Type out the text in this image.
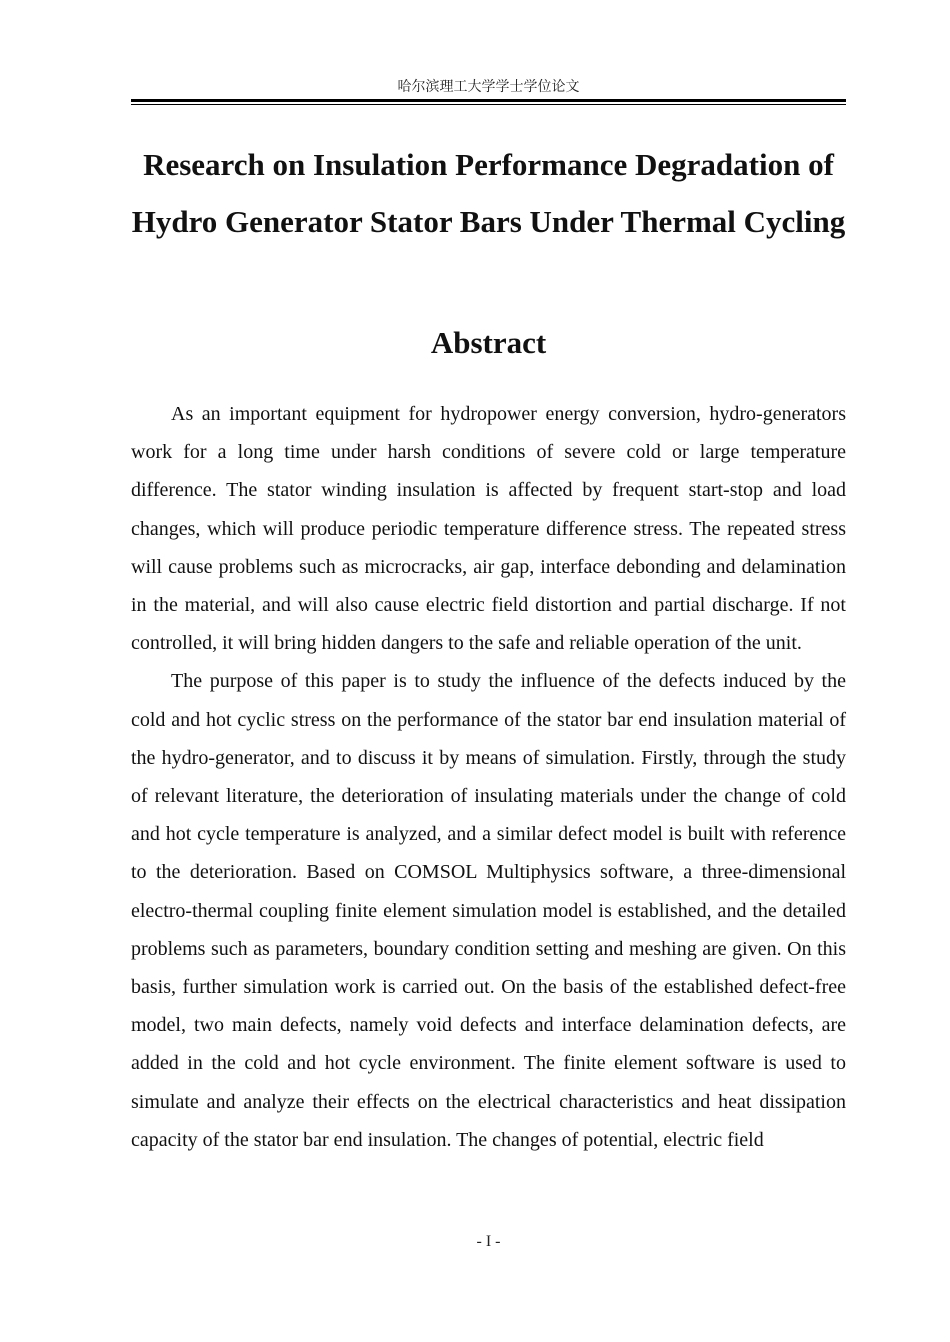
哈尔滨理工大学学士学位论文
Research on Insulation Performance Degradation of Hydro Generator Stator Bars Under Thermal Cycling
Abstract

As an important equipment for hydropower energy conversion, hydro-generators work for a long time under harsh conditions of severe cold or large temperature difference. The stator winding insulation is affected by frequent start-stop and load changes, which will produce periodic temperature difference stress. The repeated stress will cause problems such as microcracks, air gap, interface debonding and delamination in the material, and will also cause electric field distortion and partial discharge. If not controlled, it will bring hidden dangers to the safe and reliable operation of the unit.

The purpose of this paper is to study the influence of the defects induced by the cold and hot cyclic stress on the performance of the stator bar end insulation material of the hydro-generator, and to discuss it by means of simulation. Firstly, through the study of relevant literature, the deterioration of insulating materials under the change of cold and hot cycle temperature is analyzed, and a similar defect model is built with reference to the deterioration. Based on COMSOL Multiphysics software, a three-dimensional electro-thermal coupling finite element simulation model is established, and the detailed problems such as parameters, boundary condition setting and meshing are given. On this basis, further simulation work is carried out. On the basis of the established defect-free model, two main defects, namely void defects and interface delamination defects, are added in the cold and hot cycle environment. The finite element software is used to simulate and analyze their effects on the electrical characteristics and heat dissipation capacity of the stator bar end insulation. The changes of potential, electric field

- I -
